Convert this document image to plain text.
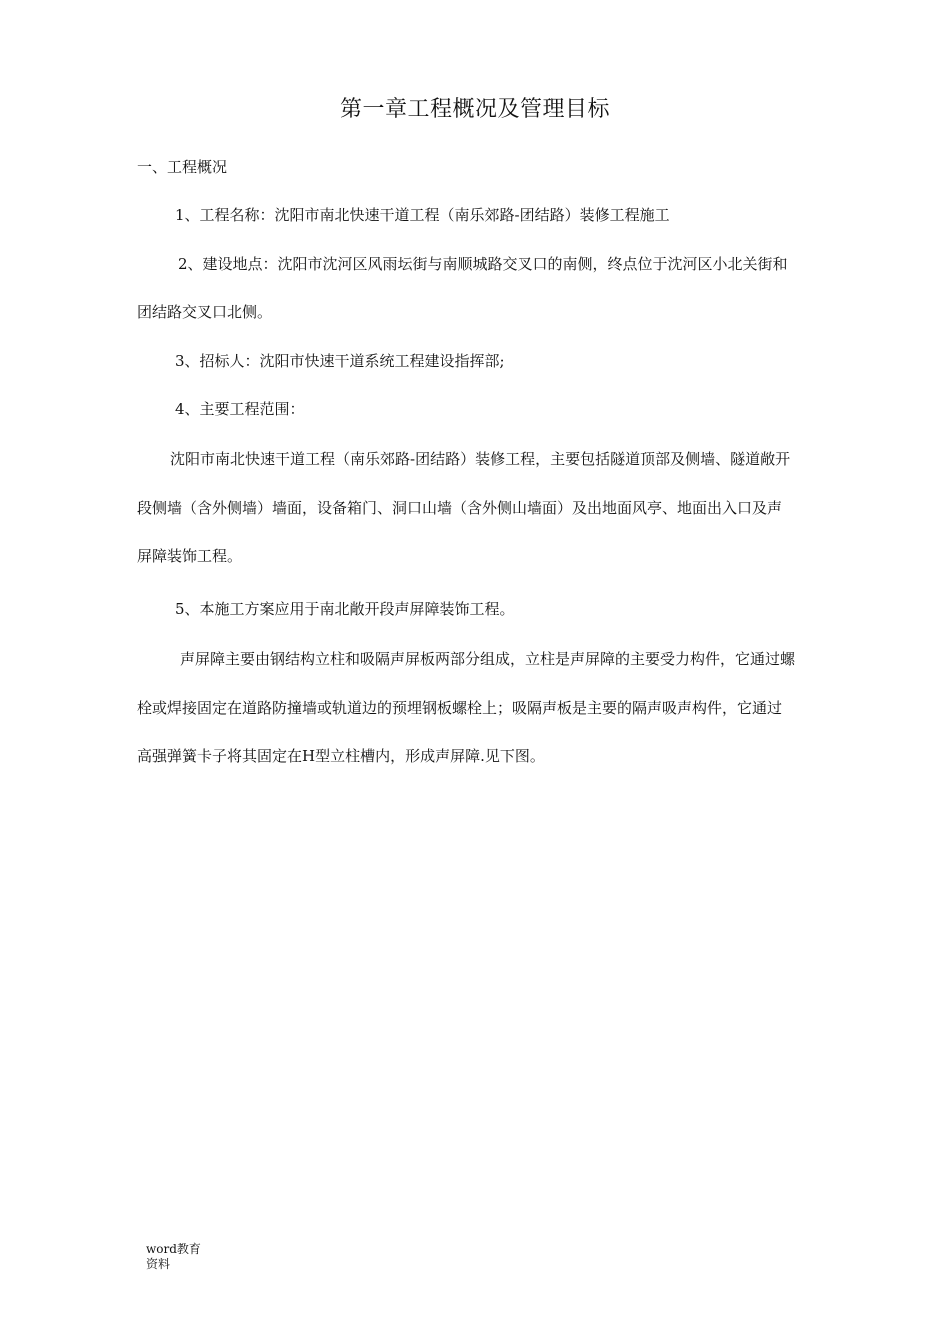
第一章工程概况及管理目标
一、工程概况
1、工程名称：沈阳市南北快速干道工程（南乐郊路-团结路）装修工程施工
2、建设地点：沈阳市沈河区风雨坛街与南顺城路交叉口的南侧，终点位于沈河区小北关街和
团结路交叉口北侧。
3、招标人：沈阳市快速干道系统工程建设指挥部;
4、主要工程范围：
沈阳市南北快速干道工程（南乐郊路-团结路）装修工程，主要包括隧道顶部及侧墙、隧道敞开
段侧墙（含外侧墙）墙面，设备箱门、洞口山墙（含外侧山墙面）及出地面风亭、地面出入口及声
屏障装饰工程。
5、本施工方案应用于南北敞开段声屏障装饰工程。
声屏障主要由钢结构立柱和吸隔声屏板两部分组成，立柱是声屏障的主要受力构件，它通过螺
栓或焊接固定在道路防撞墙或轨道边的预埋钢板螺栓上；吸隔声板是主要的隔声吸声构件，它通过
高强弹簧卡子将其固定在H型立柱槽内，形成声屏障.见下图。
word教育资料
